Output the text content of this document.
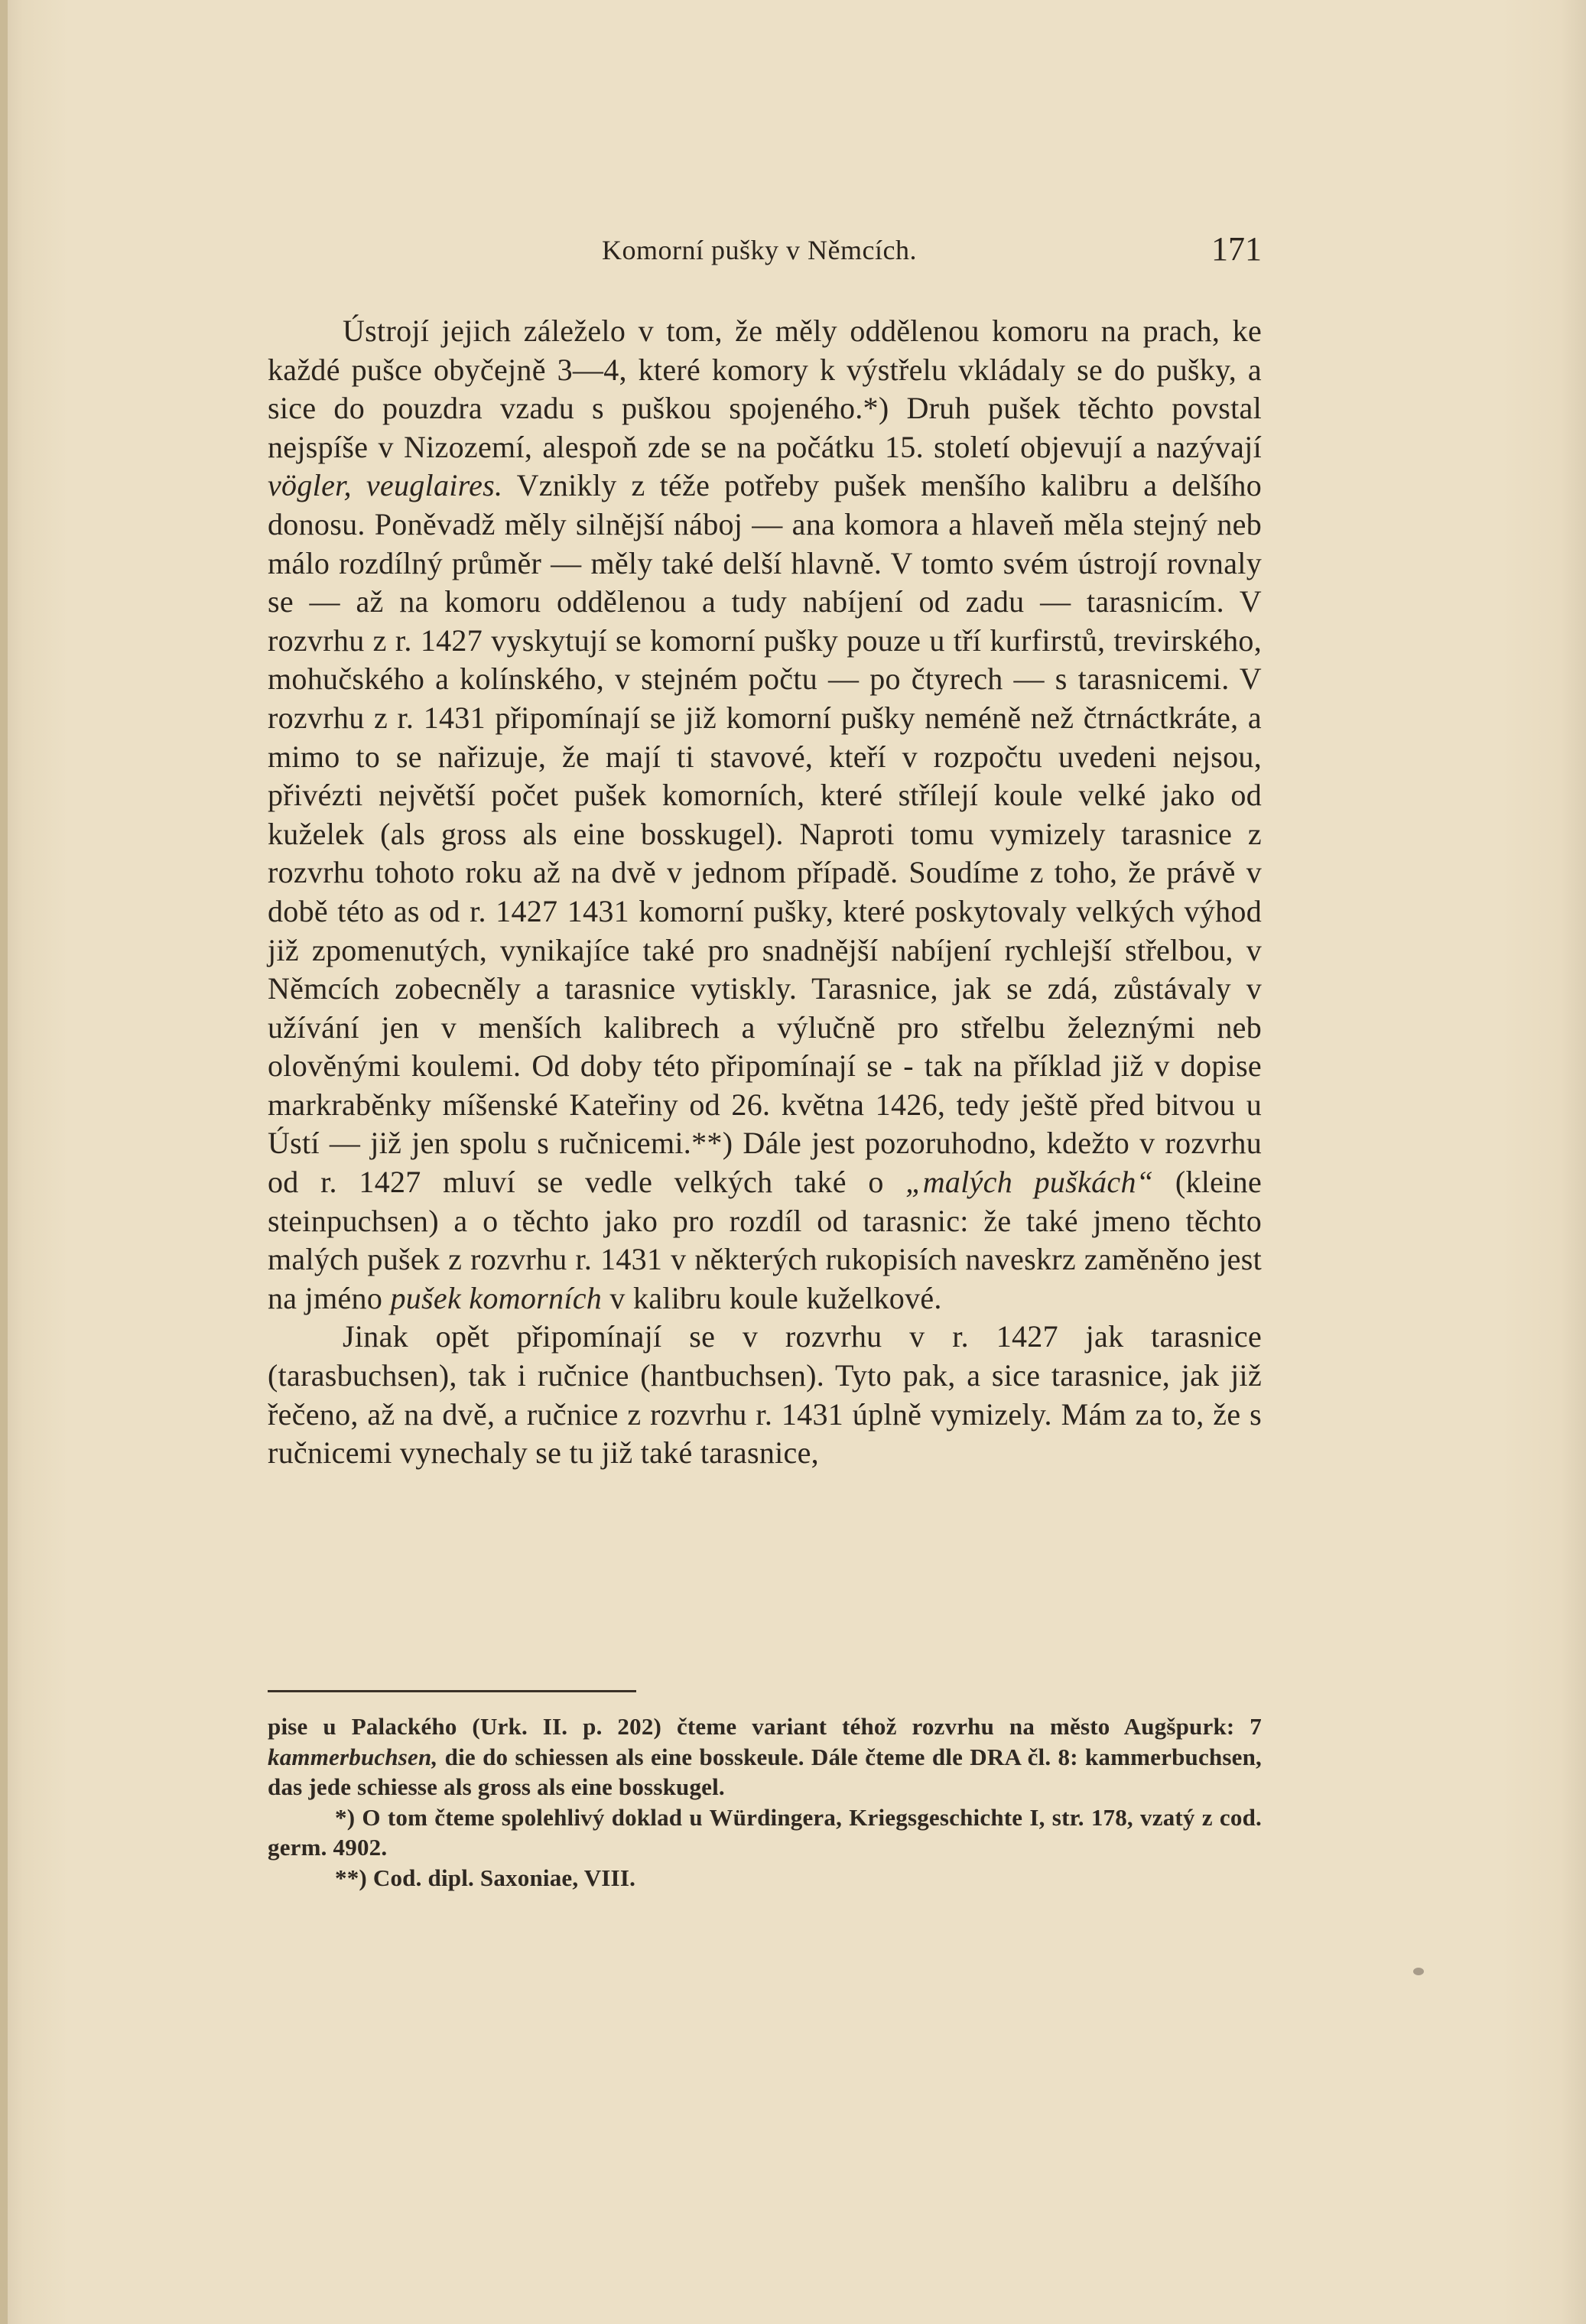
Komorní pušky v Němcích.	171

Ústrojí jejich záleželo v tom, že měly oddělenou komoru na prach, ke každé pušce obyčejně 3—4, které komory k výstřelu vkládaly se do pušky, a sice do pouzdra vzadu s puškou spojeného.*) Druh pušek těchto povstal nejspíše v Nizozemí, alespoň zde se na počátku 15. století objevují a nazývají vögler, veuglaires. Vznikly z téže potřeby pušek menšího kalibru a delšího donosu. Poněvadž měly silnější náboj — ana komora a hlaveň měla stejný neb málo rozdílný průměr — měly také delší hlavně. V tomto svém ústrojí rovnaly se — až na komoru oddělenou a tudy nabíjení od zadu — tarasnicím. V rozvrhu z r. 1427 vyskytují se komorní pušky pouze u tří kurfirstů, trevirského, mohučského a kolínského, v stejném počtu — po čtyrech — s tarasnicemi. V rozvrhu z r. 1431 připomínají se již komorní pušky neméně než čtrnáctkráte, a mimo to se nařizuje, že mají ti stavové, kteří v rozpočtu uvedeni nejsou, přivézti největší počet pušek komorních, které střílejí koule velké jako od kuželek (als gross als eine bosskugel). Naproti tomu vymizely tarasnice z rozvrhu tohoto roku až na dvě v jednom případě. Soudíme z toho, že právě v době této as od r. 1427 1431 komorní pušky, které poskytovaly velkých výhod již zpomenutých, vynikajíce také pro snadnější nabíjení rychlejší střelbou, v Němcích zobecněly a tarasnice vytiskly. Tarasnice, jak se zdá, zůstávaly v užívání jen v menších kalibrech a výlučně pro střelbu železnými neb olověnými koulemi. Od doby této připomínají se - tak na příklad již v dopise markraběnky míšenské Kateřiny od 26. května 1426, tedy ještě před bitvou u Ústí — již jen spolu s ručnicemi.**) Dále jest pozoruhodno, kdežto v rozvrhu od r. 1427 mluví se vedle velkých také o „malých puškách“ (kleine steinpuchsen) a o těchto jako pro rozdíl od tarasnic: že také jmeno těchto malých pušek z rozvrhu r. 1431 v některých rukopisích naveskrz zaměněno jest na jméno pušek komorních v kalibru koule kuželkové.

Jinak opět připomínají se v rozvrhu v r. 1427 jak tarasnice (tarasbuchsen), tak i ručnice (hantbuchsen). Tyto pak, a sice tarasnice, jak již řečeno, až na dvě, a ručnice z rozvrhu r. 1431 úplně vymizely. Mám za to, že s ručnicemi vynechaly se tu již také tarasnice,

pise u Palackého (Urk. II. p. 202) čteme variant téhož rozvrhu na město Augšpurk: 7 kammerbuchsen, die do schiessen als eine bosskeule. Dále čteme dle DRA čl. 8: kammerbuchsen, das jede schiesse als gross als eine bosskugel.

*) O tom čteme spolehlivý doklad u Würdingera, Kriegsgeschichte I, str. 178, vzatý z cod. germ. 4902.

**) Cod. dipl. Saxoniae, VIII.
